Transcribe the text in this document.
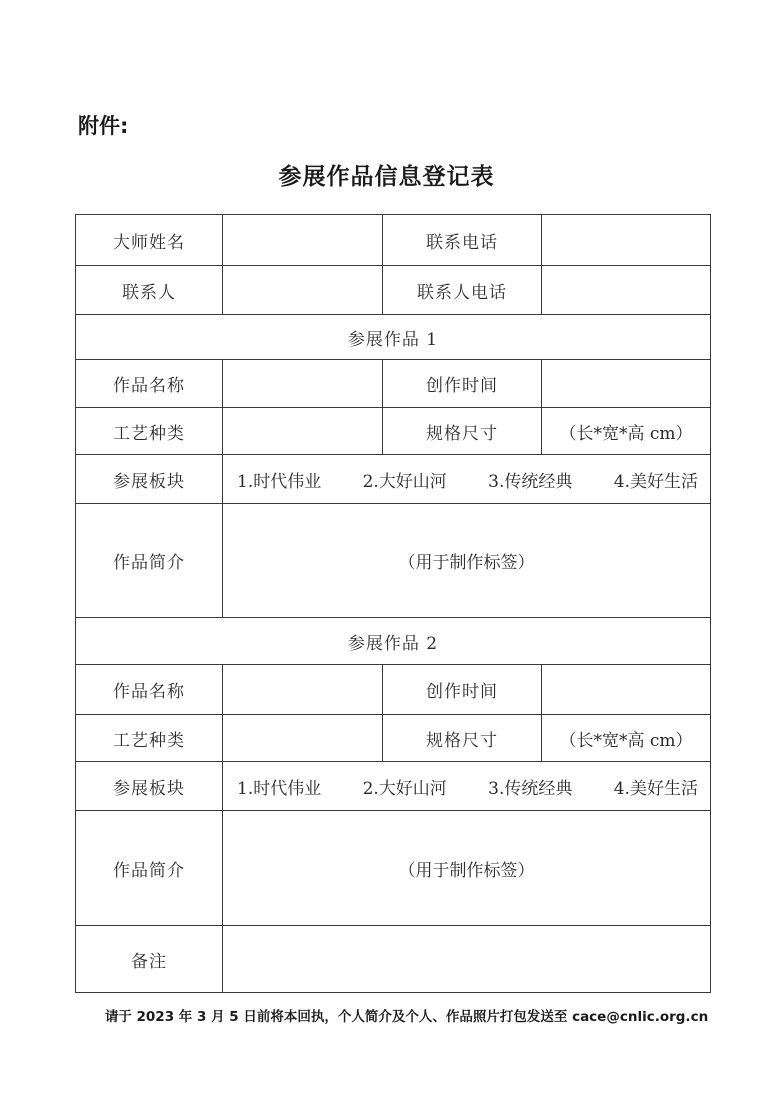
附件:
参展作品信息登记表
大师姓名		联系电话	
联系人		联系人电话	
参展作品 1			
作品名称		创作时间	
工艺种类		规格尺寸	（长*宽*高 cm）
参展板块	1.时代伟业 2.大好山河 3.传统经典 4.美好生活		

作品简介	（用于制作标签）		
参展作品 2			
作品名称		创作时间	
工艺种类		规格尺寸	（长*宽*高 cm）
参展板块	1.时代伟业 2.大好山河 3.传统经典 4.美好生活		

作品简介	（用于制作标签）		
备注			
请于 2023 年 3 月 5 日前将本回执，个人简介及个人、作品照片打包发送至 cace@cnlic.org.cn
